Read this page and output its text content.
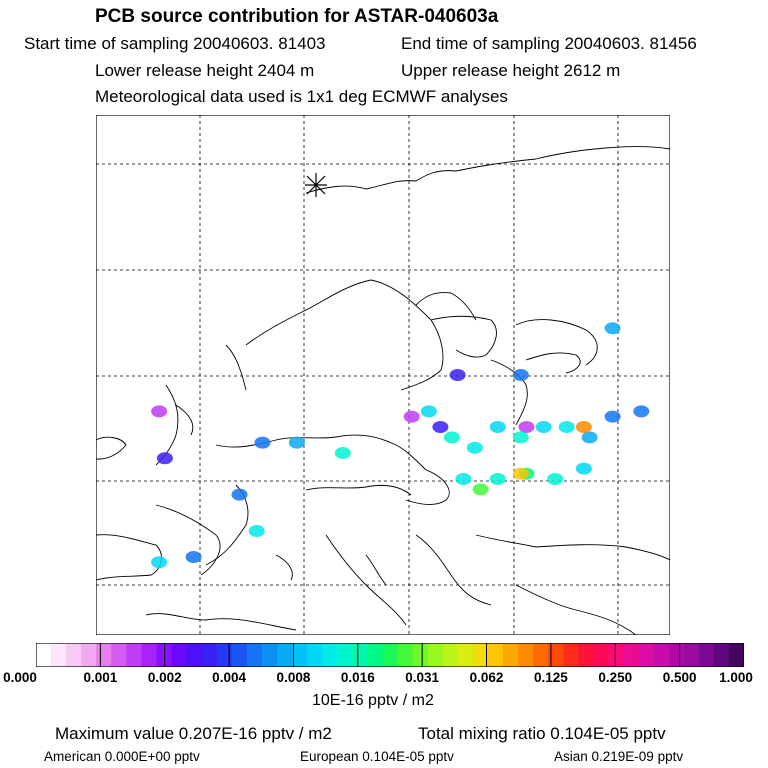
PCB source contribution for ASTAR-040603a
Start time of sampling 20040603. 81403	End time of sampling 20040603. 81456
Lower release height 2404 m	Upper release height 2612 m
Meteorological data used is 1x1 deg ECMWF analyses
0.000	0.001 0.002 0.004 0.008 0.016 0.031 0.062 0.125 0.250 0.500 1.000
10E-16 pptv / m2
Maximum value 0.207E-16 pptv / m2	Total mixing ratio 0.104E-05 pptv
American 0.000E+00 pptv	European 0.104E-05 pptv	Asian 0.219E-09 pptv
